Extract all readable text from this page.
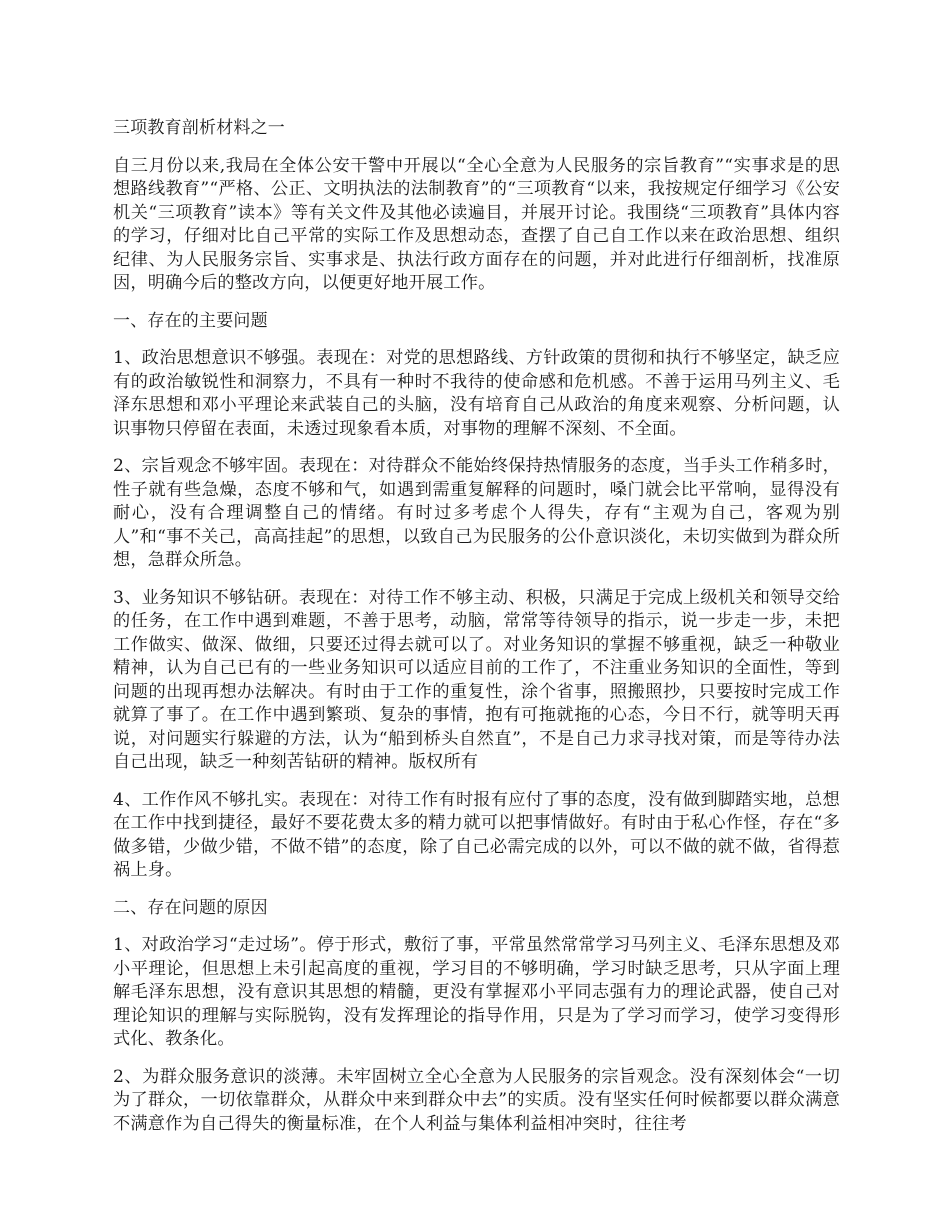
三项教育剖析材料之一

自三月份以来,我局在全体公安干警中开展以“全心全意为人民服务的宗旨教育”“实事求是的思想路线教育”“严格、公正、文明执法的法制教育”的“三项教育“以来，我按规定仔细学习《公安机关“三项教育”读本》等有关文件及其他必读遍目，并展开讨论。我围绕“三项教育”具体内容的学习，仔细对比自己平常的实际工作及思想动态，查摆了自己自工作以来在政治思想、组织纪律、为人民服务宗旨、实事求是、执法行政方面存在的问题，并对此进行仔细剖析，找准原因，明确今后的整改方向，以便更好地开展工作。

一、存在的主要问题

1、政治思想意识不够强。表现在：对党的思想路线、方针政策的贯彻和执行不够坚定，缺乏应有的政治敏锐性和洞察力，不具有一种时不我待的使命感和危机感。不善于运用马列主义、毛泽东思想和邓小平理论来武装自己的头脑，没有培育自己从政治的角度来观察、分析问题，认识事物只停留在表面，未透过现象看本质，对事物的理解不深刻、不全面。

2、宗旨观念不够牢固。表现在：对待群众不能始终保持热情服务的态度，当手头工作稍多时，性子就有些急燥，态度不够和气，如遇到需重复解释的问题时，嗓门就会比平常响，显得没有耐心，没有合理调整自己的情绪。有时过多考虑个人得失，存有“主观为自己，客观为别人”和“事不关己，高高挂起”的思想，以致自己为民服务的公仆意识淡化，未切实做到为群众所想，急群众所急。

3、业务知识不够钻研。表现在：对待工作不够主动、积极，只满足于完成上级机关和领导交给的任务，在工作中遇到难题，不善于思考，动脑，常常等待领导的指示，说一步走一步，未把工作做实、做深、做细，只要还过得去就可以了。对业务知识的掌握不够重视，缺乏一种敬业精神，认为自己已有的一些业务知识可以适应目前的工作了，不注重业务知识的全面性，等到问题的出现再想办法解决。有时由于工作的重复性，涂个省事，照搬照抄，只要按时完成工作就算了事了。在工作中遇到繁琐、复杂的事情，抱有可拖就拖的心态，今日不行，就等明天再说，对问题实行躲避的方法，认为“船到桥头自然直”，不是自己力求寻找对策，而是等待办法自己出现，缺乏一种刻苦钻研的精神。版权所有

4、工作作风不够扎实。表现在：对待工作有时报有应付了事的态度，没有做到脚踏实地，总想在工作中找到捷径，最好不要花费太多的精力就可以把事情做好。有时由于私心作怪，存在“多做多错，少做少错，不做不错”的态度，除了自己必需完成的以外，可以不做的就不做，省得惹祸上身。

二、存在问题的原因

1、对政治学习“走过场”。停于形式，敷衍了事，平常虽然常常学习马列主义、毛泽东思想及邓小平理论，但思想上未引起高度的重视，学习目的不够明确，学习时缺乏思考，只从字面上理解毛泽东思想，没有意识其思想的精髓，更没有掌握邓小平同志强有力的理论武器，使自己对理论知识的理解与实际脱钩，没有发挥理论的指导作用，只是为了学习而学习，使学习变得形式化、教条化。

2、为群众服务意识的淡薄。未牢固树立全心全意为人民服务的宗旨观念。没有深刻体会“一切为了群众，一切依靠群众，从群众中来到群众中去”的实质。没有坚实任何时候都要以群众满意不满意作为自己得失的衡量标准，在个人利益与集体利益相冲突时，往往考
